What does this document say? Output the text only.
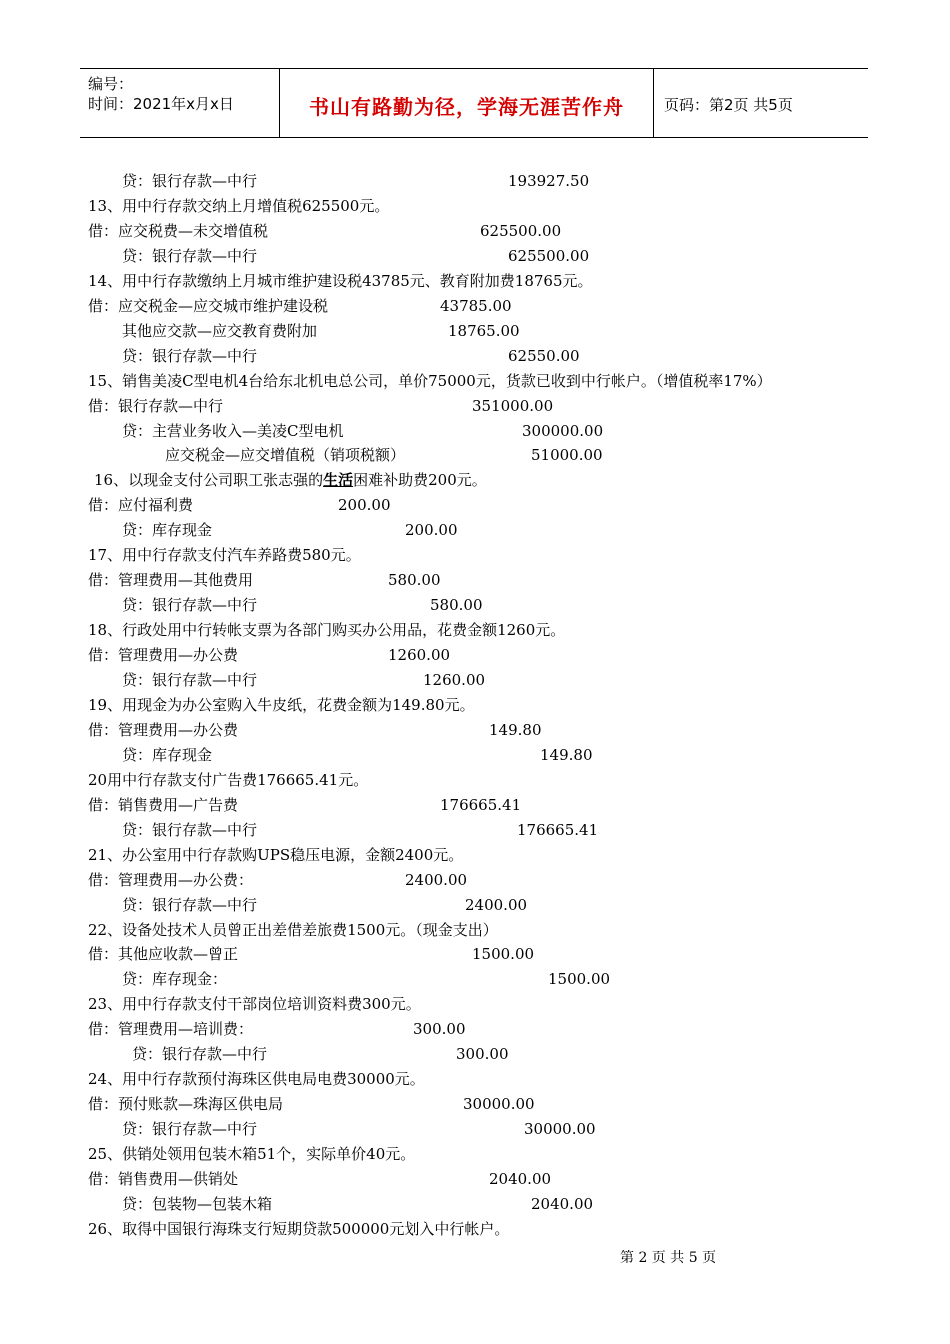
编号：
时间：2021年x月x日	书山有路勤为径，学海无涯苦作舟	页码：第2页 共5页
贷：银行存款—中行	193927.50
13、用中行存款交纳上月增值税625500元。
借：应交税费—未交增值税	625500.00
贷：银行存款—中行	625500.00
14、用中行存款缴纳上月城市维护建设税43785元、教育附加费18765元。
借：应交税金—应交城市维护建设税	43785.00
其他应交款—应交教育费附加	18765.00
贷：银行存款—中行	62550.00
15、销售美凌C型电机4台给东北机电总公司，单价75000元，货款已收到中行帐户。（增值税率17%）
借：银行存款—中行	351000.00
贷：主营业务收入—美凌C型电机	300000.00
应交税金—应交增值税（销项税额）	51000.00
16、以现金支付公司职工张志强的生活困难补助费200元。
借：应付福利费	200.00
贷：库存现金	200.00
17、用中行存款支付汽车养路费580元。
借：管理费用—其他费用	580.00
贷：银行存款—中行	580.00
18、行政处用中行转帐支票为各部门购买办公用品，花费金额1260元。
借：管理费用—办公费	1260.00
贷：银行存款—中行	1260.00
19、用现金为办公室购入牛皮纸，花费金额为149.80元。
借：管理费用—办公费	149.80
贷：库存现金	149.80
20用中行存款支付广告费176665.41元。
借：销售费用—广告费	176665.41
贷：银行存款—中行	176665.41
21、办公室用中行存款购UPS稳压电源，金额2400元。
借：管理费用—办公费：	2400.00
贷：银行存款—中行	2400.00
22、设备处技术人员曾正出差借差旅费1500元。（现金支出）
借：其他应收款—曾正	1500.00
贷：库存现金：	1500.00
23、用中行存款支付干部岗位培训资料费300元。
借：管理费用—培训费：	300.00
贷：银行存款—中行	300.00
24、用中行存款预付海珠区供电局电费30000元。
借：预付账款—珠海区供电局	30000.00
贷：银行存款—中行	30000.00
25、供销处领用包装木箱51个，实际单价40元。
借：销售费用—供销处	2040.00
贷：包装物—包装木箱	2040.00
26、取得中国银行海珠支行短期贷款500000元划入中行帐户。
第 2 页 共 5 页
